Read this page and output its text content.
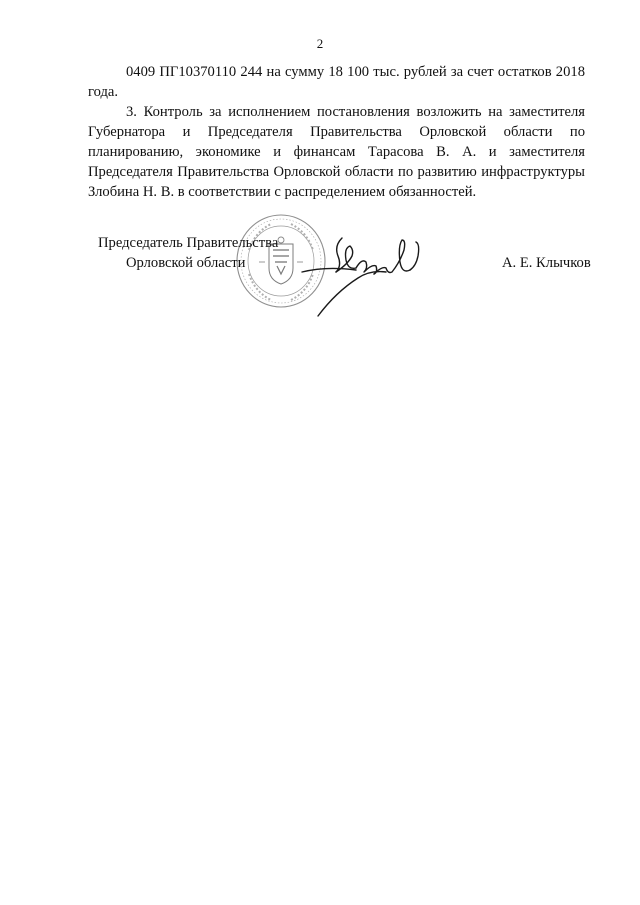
2

0409 ПГ10370110 244 на сумму 18 100 тыс. рублей за счет остатков 2018 года.

3. Контроль за исполнением постановления возложить на заместителя Губернатора и Председателя Правительства Орловской области по планированию, экономике и финансам Тарасова В. А. и заместителя Председателя Правительства Орловской области по развитию инфраструктуры Злобина Н. В. в соответствии с распределением обязанностей.

Председатель Правительства
Орловской области	А. Е. Клычков
